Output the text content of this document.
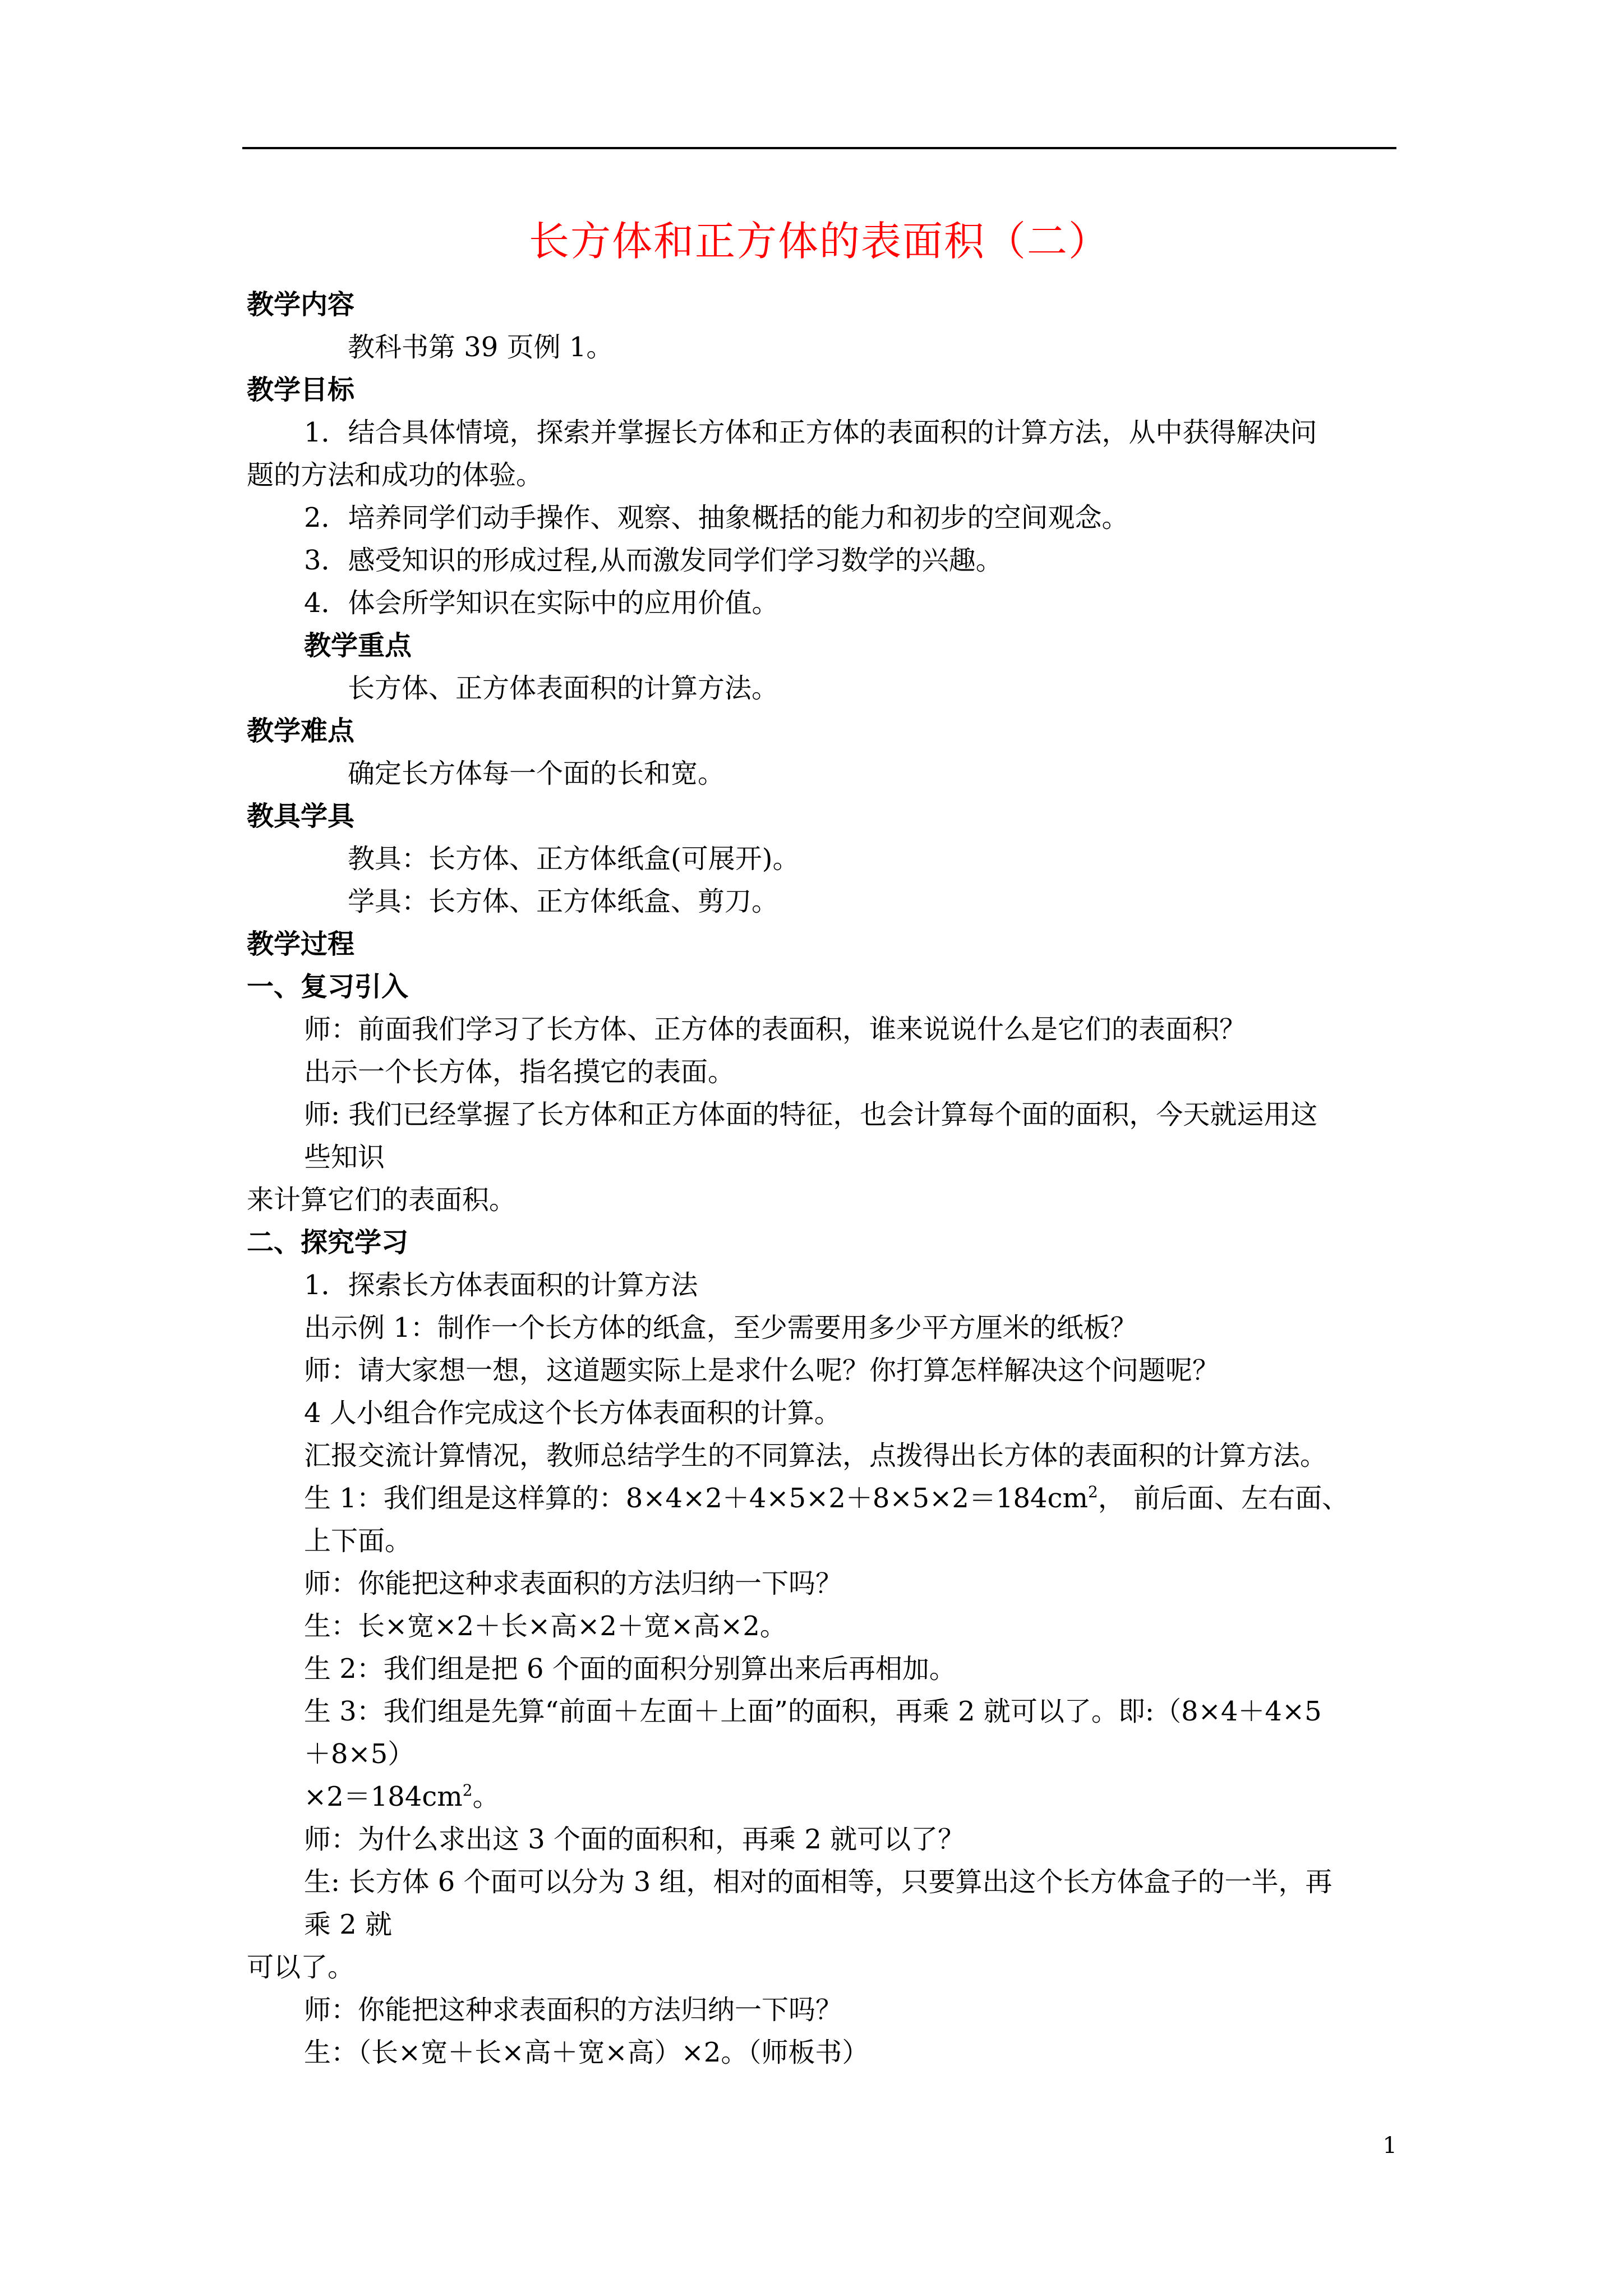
长方体和正方体的表面积（二）
教学内容
教科书第 39 页例 1。
教学目标
1．结合具体情境，探索并掌握长方体和正方体的表面积的计算方法，从中获得解决问
题的方法和成功的体验。
2．培养同学们动手操作、观察、抽象概括的能力和初步的空间观念。
3．感受知识的形成过程,从而激发同学们学习数学的兴趣。
4．体会所学知识在实际中的应用价值。
教学重点
长方体、正方体表面积的计算方法。
教学难点
确定长方体每一个面的长和宽。
教具学具
教具：长方体、正方体纸盒(可展开)。
学具：长方体、正方体纸盒、剪刀。
教学过程
一、复习引入
师：前面我们学习了长方体、正方体的表面积，谁来说说什么是它们的表面积？
出示一个长方体，指名摸它的表面。
师: 我们已经掌握了长方体和正方体面的特征，也会计算每个面的面积，今天就运用这
些知识
来计算它们的表面积。
二、探究学习
1．探索长方体表面积的计算方法
出示例 1：制作一个长方体的纸盒，至少需要用多少平方厘米的纸板？
师：请大家想一想，这道题实际上是求什么呢？你打算怎样解决这个问题呢？
4 人小组合作完成这个长方体表面积的计算。
汇报交流计算情况，教师总结学生的不同算法，点拨得出长方体的表面积的计算方法。
生 1：我们组是这样算的：$8\times 4\times 2+4\times 5\times 2+8\times 5\times 2=184cm^2$， 前后面、左右面、
上下面。
师：你能把这种求表面积的方法归纳一下吗？
生：长×宽×2＋长×高×2＋宽×高×2。
生 2：我们组是把 6 个面的面积分别算出来后再相加。
生 3：我们组是先算“前面＋左面＋上面”的面积，再乘 2 就可以了。即:（8×4＋4×5
＋8×5）
$\times 2=184cm^2$。
师：为什么求出这 3 个面的面积和，再乘 2 就可以了？
生: 长方体 6 个面可以分为 3 组，相对的面相等，只要算出这个长方体盒子的一半，再
乘 2 就
可以了。
师：你能把这种求表面积的方法归纳一下吗？
生：（长×宽＋长×高＋宽×高）×2。（师板书）
1
